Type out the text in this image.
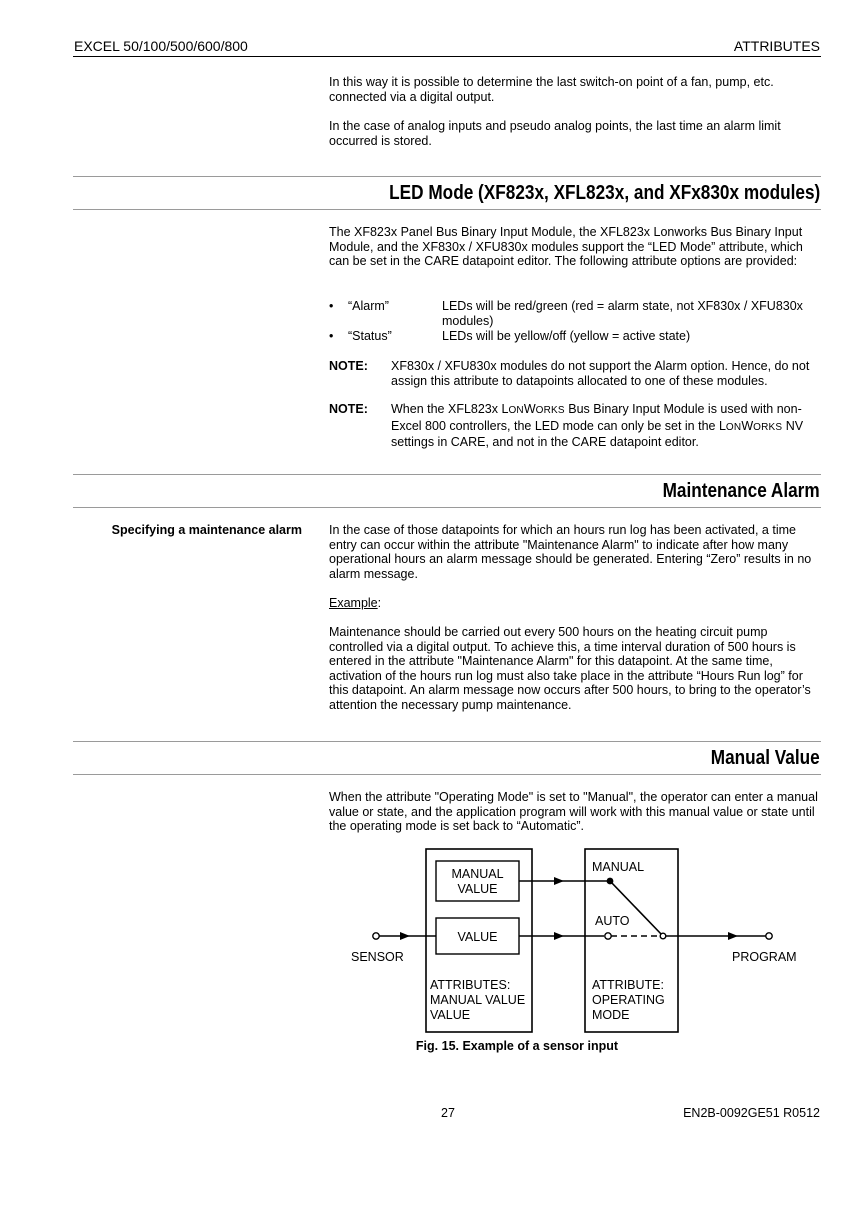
EXCEL 50/100/500/600/800	ATTRIBUTES
In this way it is possible to determine the last switch-on point of a fan, pump, etc. connected via a digital output.
In the case of analog inputs and pseudo analog points, the last time an alarm limit occurred is stored.
LED Mode (XF823x, XFL823x, and XFx830x modules)
The XF823x Panel Bus Binary Input Module, the XFL823x Lonworks Bus Binary Input Module, and the XF830x / XFU830x modules support the “LED Mode” attribute, which can be set in the CARE datapoint editor. The following attribute options are provided:
• “Alarm”	LEDs will be red/green (red = alarm state, not XF830x / XFU830x modules)
• “Status”	LEDs will be yellow/off (yellow = active state)
NOTE: XF830x / XFU830x modules do not support the Alarm option. Hence, do not assign this attribute to datapoints allocated to one of these modules.
NOTE: When the XFL823x LONWORKS Bus Binary Input Module is used with non-Excel 800 controllers, the LED mode can only be set in the LONWORKS NV settings in CARE, and not in the CARE datapoint editor.
Maintenance Alarm
Specifying a maintenance alarm In the case of those datapoints for which an hours run log has been activated, a time entry can occur within the attribute "Maintenance Alarm" to indicate after how many operational hours an alarm message should be generated. Entering “Zero” results in no alarm message.
Example:
Maintenance should be carried out every 500 hours on the heating circuit pump controlled via a digital output. To achieve this, a time interval duration of 500 hours is entered in the attribute "Maintenance Alarm" for this datapoint. At the same time, activation of the hours run log must also take place in the attribute “Hours Run log” for this datapoint. An alarm message now occurs after 500 hours, to bring to the operator’s attention the necessary pump maintenance.
Manual Value
When the attribute "Operating Mode" is set to "Manual", the operator can enter a manual value or state, and the application program will work with this manual value or state until the operating mode is set back to “Automatic”.
MANUAL
VALUE
VALUE
SENSOR
ATTRIBUTES:
MANUAL VALUE
VALUE
MANUAL
AUTO
ATTRIBUTE:
OPERATING
MODE
PROGRAM
Fig. 15. Example of a sensor input
27	EN2B-0092GE51 R0512
